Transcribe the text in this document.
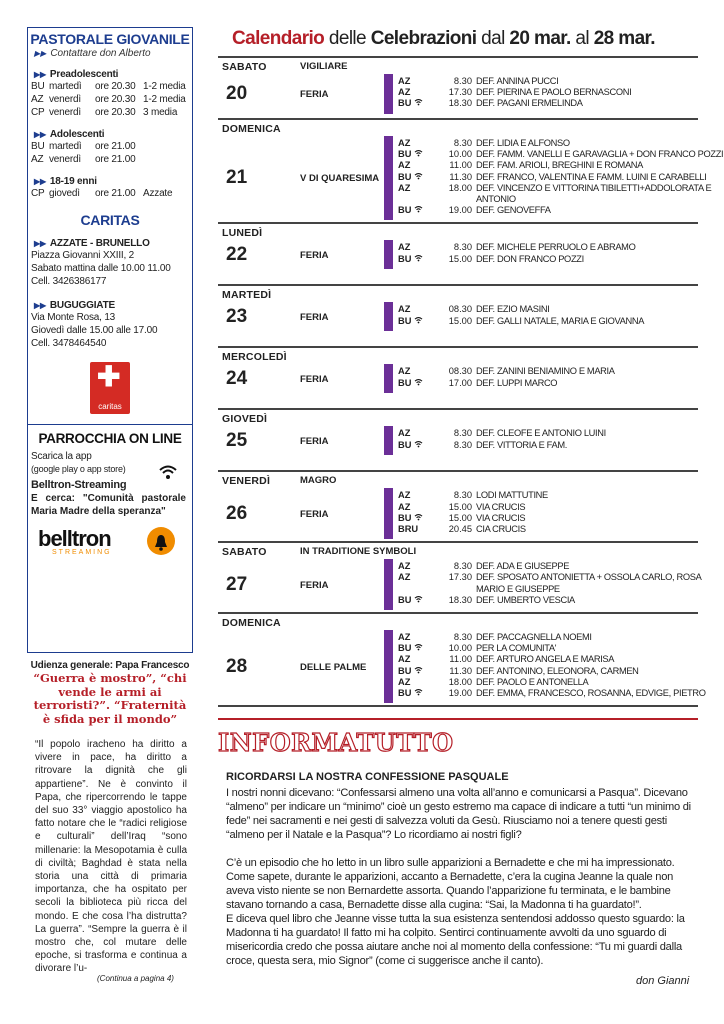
PASTORALE GIOVANILE
▶▶ Contattare don Alberto
▶▶ Preadolescenti
BU martedì ore 20.30 1-2 media
AZ venerdì ore 20.30 1-2 media
CP venerdì ore 20.30 3 media
▶▶ Adolescenti
BU martedì ore 21.00
AZ venerdì ore 21.00
▶▶ 18-19 enni
CP giovedì ore 21.00 Azzate
CARITAS
▶▶ AZZATE - BRUNELLO
Piazza Giovanni XXIII, 2
Sabato mattina dalle 10.00 11.00
Cell. 3426386177
▶▶ BUGUGGIATE
Via Monte Rosa, 13
Giovedì dalle 15.00 alle 17.00
Cell. 3478464540
✚
caritas
PARROCCHIA ON LINE
Scarica la app
(google play o app store)
Belltron-Streaming
E cerca: "Comunità pastorale Maria Madre della speranza"
belltron
STREAMING
Udienza generale: Papa Francesco
“Guerra è mostro”, “chi vende le armi ai terroristi?”. “Fraternità è sfida per il mondo”
“Il popolo iracheno ha diritto a vivere in pace, ha diritto a ritrovare la dignità che gli appartiene”. Ne è convinto il Papa, che ripercorrendo le tappe del suo 33° viaggio apostolico ha fatto notare che le “radici religiose e culturali” dell’Iraq “sono millenarie: la Mesopotamia è culla di civiltà; Baghdad è stata nella storia una città di primaria importanza, che ha ospitato per secoli la biblioteca più ricca del mondo. E che cosa l’ha distrutta? La guerra”. “Sempre la guerra è il mostro che, col mutare delle epoche, si trasforma e continua a divorare l’u-
(Continua a pagina 4)
Calendario delle Celebrazioni dal 20 mar. al 28 mar.
SABATO	VIGILIARE
20	FERIA
AZ	8.30 DEF. ANNINA PUCCI
AZ	17.30 DEF. PIERINA E PAOLO BERNASCONI
BU	18.30 DEF. PAGANI ERMELINDA
DOMENICA
21	V DI QUARESIMA
AZ	8.30 DEF. LIDIA E ALFONSO
BU	10.00 DEF. FAMM. VANELLI E GARAVAGLIA + DON FRANCO POZZI
AZ	11.00 DEF. FAM. ARIOLI, BREGHINI E ROMANA
BU	11.30 DEF. FRANCO, VALENTINA E FAMM. LUINI E CARABELLI
AZ	18.00 DEF. VINCENZO E VITTORINA TIBILETTI+ADDOLORATA E
ANTONIO
BU	19.00 DEF. GENOVEFFA
LUNEDÌ
22	FERIA
AZ	8.30 DEF. MICHELE PERRUOLO E ABRAMO
BU	15.00 DEF. DON FRANCO POZZI
MARTEDÌ
23	FERIA
AZ	08.30 DEF. EZIO MASINI
BU	15.00 DEF. GALLI NATALE, MARIA E GIOVANNA
MERCOLEDÌ
24	FERIA
AZ	08.30 DEF. ZANINI BENIAMINO E MARIA
BU	17.00 DEF. LUPPI MARCO
GIOVEDÌ
25	FERIA
AZ	8.30 DEF. CLEOFE E ANTONIO LUINI
BU	8.30 DEF. VITTORIA E FAM.
VENERDÌ	MAGRO
26	FERIA
AZ	8.30 LODI MATTUTINE
AZ	15.00 VIA CRUCIS
BU	15.00 VIA CRUCIS
BRU	20.45 CIA CRUCIS
SABATO	IN TRADITIONE SYMBOLI
27	FERIA
AZ	8.30 DEF. ADA E GIUSEPPE
AZ	17.30 DEF. SPOSATO ANTONIETTA + OSSOLA CARLO, ROSA
MARIO E GIUSEPPE
BU	18.30 DEF. UMBERTO VESCIA
DOMENICA
28	DELLE PALME
AZ	8.30 DEF. PACCAGNELLA NOEMI
BU	10.00 PER LA COMUNITA'
AZ	11.00 DEF. ARTURO ANGELA E MARISA
BU	11.30 DEF. ANTONINO, ELEONORA, CARMEN
AZ	18.00 DEF. PAOLO E ANTONELLA
BU	19.00 DEF. EMMA, FRANCESCO, ROSANNA, EDVIGE, PIETRO
INFORMATUTTO
RICORDARSI LA NOSTRA CONFESSIONE PASQUALE

I nostri nonni dicevano: “Confessarsi almeno una volta all’anno e comunicarsi a Pasqua”. Dicevano “almeno” per indicare un “minimo” cioè un gesto estremo ma capace di indicare a tutti “un minimo di fede” nei sacramenti e nei gesti di salvezza voluti da Gesù. Riusciamo noi a tenere questi gesti “almeno per il Natale e la Pasqua”? Lo ricordiamo ai nostri figli?

C’è un episodio che ho letto in un libro sulle apparizioni a Bernadette e che mi ha impressionato. Come sapete, durante le apparizioni, accanto a Bernadette, c’era la cugina Jeanne la quale non aveva visto niente se non Bernardette assorta. Quando l’apparizione fu terminata, e le bambine stavano tornando a casa, Bernadette disse alla cugina: “Sai, la Madonna ti ha guardato!”.

E diceva quel libro che Jeanne visse tutta la sua esistenza sentendosi addosso questo sguardo: la Madonna ti ha guardato! Il fatto mi ha colpito. Sentirci continuamente avvolti da uno sguardo di misericordia credo che possa aiutare anche noi al momento della confessione: “Tu mi guardi dalla croce, questa sera, mio Signor” (come ci suggerisce anche il canto).

don Gianni
